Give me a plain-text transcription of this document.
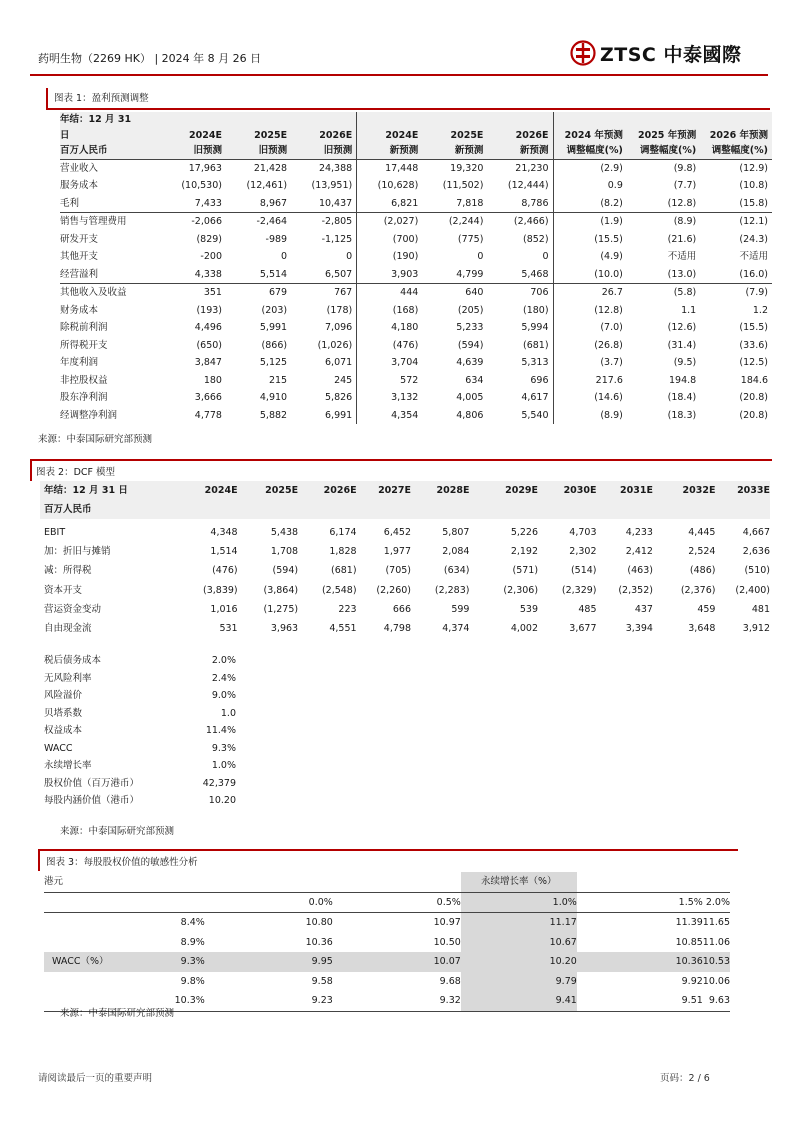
药明生物（2269 HK） | 2024 年 8 月 26 日	ZTSC 中泰國際
图表 1：盈利预测调整
年结：12 月 31									
日	2024E	2025E	2026E	2024E	2025E	2026E	2024 年预测	2025 年预测	2026 年预测
百万人民币	旧预测	旧预测	旧预测	新预测	新预测	新预测	调整幅度(%)	调整幅度(%)	调整幅度(%)
营业收入	17,963	21,428	24,388	17,448	19,320	21,230	(2.9)	(9.8)	(12.9)
服务成本	(10,530)	(12,461)	(13,951)	(10,628)	(11,502)	(12,444)	0.9	(7.7)	(10.8)
毛利	7,433	8,967	10,437	6,821	7,818	8,786	(8.2)	(12.8)	(15.8)
销售与管理费用	-2,066	-2,464	-2,805	(2,027)	(2,244)	(2,466)	(1.9)	(8.9)	(12.1)
研发开支	(829)	-989	-1,125	(700)	(775)	(852)	(15.5)	(21.6)	(24.3)
其他开支	-200	0	0	(190)	0	0	(4.9)	不适用	不适用
经营溢利	4,338	5,514	6,507	3,903	4,799	5,468	(10.0)	(13.0)	(16.0)
其他收入及收益	351	679	767	444	640	706	26.7	(5.8)	(7.9)
财务成本	(193)	(203)	(178)	(168)	(205)	(180)	(12.8)	1.1	1.2
除税前利润	4,496	5,991	7,096	4,180	5,233	5,994	(7.0)	(12.6)	(15.5)
所得税开支	(650)	(866)	(1,026)	(476)	(594)	(681)	(26.8)	(31.4)	(33.6)
年度利润	3,847	5,125	6,071	3,704	4,639	5,313	(3.7)	(9.5)	(12.5)
非控股权益	180	215	245	572	634	696	217.6	194.8	184.6
股东净利润	3,666	4,910	5,826	3,132	4,005	4,617	(14.6)	(18.4)	(20.8)
经调整净利润	4,778	5,882	6,991	4,354	4,806	5,540	(8.9)	(18.3)	(20.8)
来源：中泰国际研究部预测
图表 2：DCF 模型
年结：12 月 31 日	2024E	2025E	2026E	2027E	2028E	2029E	2030E	2031E	2032E	2033E
百万人民币										

EBIT	4,348	5,438	6,174	6,452	5,807	5,226	4,703	4,233	4,445	4,667
加：折旧与摊销	1,514	1,708	1,828	1,977	2,084	2,192	2,302	2,412	2,524	2,636
减：所得税	(476)	(594)	(681)	(705)	(634)	(571)	(514)	(463)	(486)	(510)
资本开支	(3,839)	(3,864)	(2,548)	(2,260)	(2,283)	(2,306)	(2,329)	(2,352)	(2,376)	(2,400)
营运资金变动	1,016	(1,275)	223	666	599	539	485	437	459	481
自由现金流	531	3,963	4,551	4,798	4,374	4,002	3,677	3,394	3,648	3,912
税后债务成本	2.0%
无风险利率	2.4%
风险溢价	9.0%
贝塔系数	1.0
权益成本	11.4%
WACC	9.3%
永续增长率	1.0%
股权价值（百万港币）	42,379
每股内涵价值（港币）	10.20
来源：中泰国际研究部预测
图表 3：每股股权价值的敏感性分析
港元				永续增长率（%）		
		0.0%	0.5%	1.0%	1.5%	2.0%
	8.4%	10.80	10.97	11.17	11.39	11.65
	8.9%	10.36	10.50	10.67	10.85	11.06
WACC（%）	9.3%	9.95	10.07	10.20	10.36	10.53
	9.8%	9.58	9.68	9.79	9.92	10.06
	10.3%	9.23	9.32	9.41	9.51	9.63
来源：中泰国际研究部预测
请阅读最后一页的重要声明	页码：2 / 6
